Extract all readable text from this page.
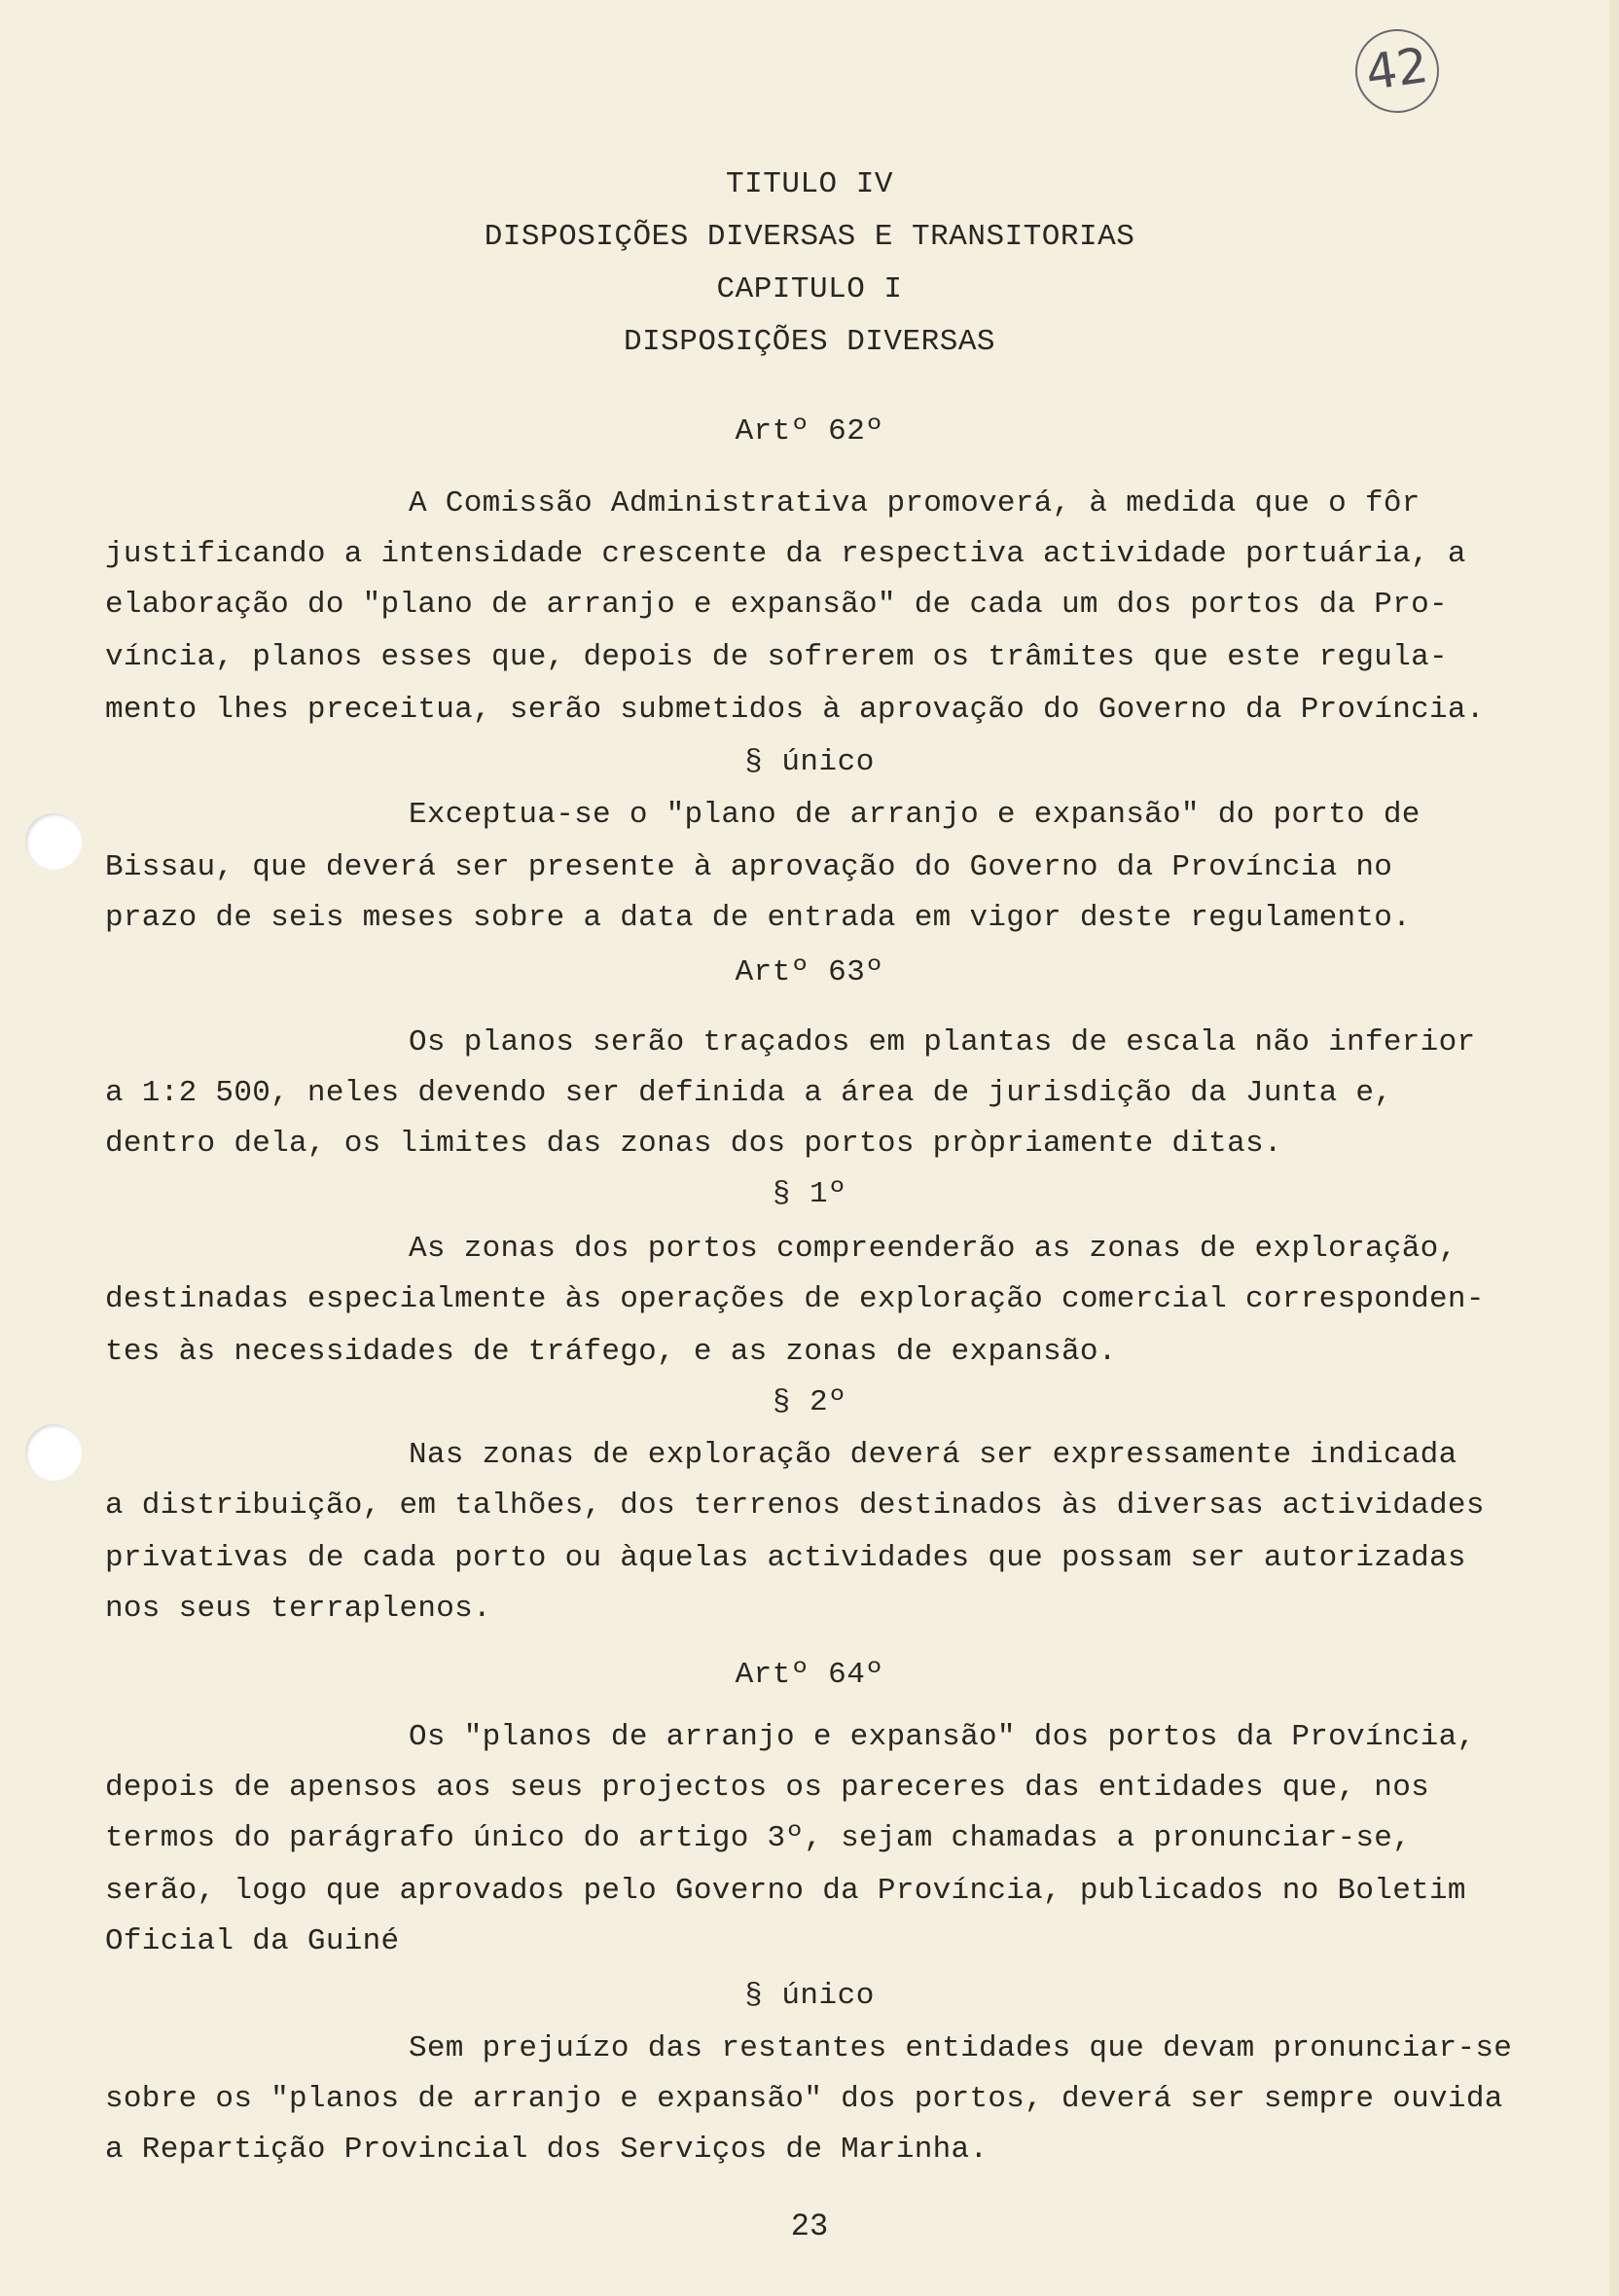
42
TITULO IV
DISPOSIÇÕES DIVERSAS E TRANSITORIAS
CAPITULO I
DISPOSIÇÕES DIVERSAS
Artº 62º
A Comissão Administrativa promoverá, à medida que o fôr
justificando a intensidade crescente da respectiva actividade portuária, a
elaboração do "plano de arranjo e expansão" de cada um dos portos da Pro-
víncia, planos esses que, depois de sofrerem os trâmites que este regula-
mento lhes preceitua, serão submetidos à aprovação do Governo da Província.
§ único
Exceptua-se o "plano de arranjo e expansão" do porto de
Bissau, que deverá ser presente à aprovação do Governo da Província no
prazo de seis meses sobre a data de entrada em vigor deste regulamento.
Artº 63º
Os planos serão traçados em plantas de escala não inferior
a 1:2 500, neles devendo ser definida a área de jurisdição da Junta e,
dentro dela, os limites das zonas dos portos pròpriamente ditas.
§ 1º
As zonas dos portos compreenderão as zonas de exploração,
destinadas especialmente às operações de exploração comercial corresponden-
tes às necessidades de tráfego, e as zonas de expansão.
§ 2º
Nas zonas de exploração deverá ser expressamente indicada
a distribuição, em talhões, dos terrenos destinados às diversas actividades
privativas de cada porto ou àquelas actividades que possam ser autorizadas
nos seus terraplenos.
Artº 64º
Os "planos de arranjo e expansão" dos portos da Província,
depois de apensos aos seus projectos os pareceres das entidades que, nos
termos do parágrafo único do artigo 3º, sejam chamadas a pronunciar-se,
serão, logo que aprovados pelo Governo da Província, publicados no Boletim
Oficial da Guiné
§ único
Sem prejuízo das restantes entidades que devam pronunciar-se
sobre os "planos de arranjo e expansão" dos portos, deverá ser sempre ouvida
a Repartição Provincial dos Serviços de Marinha.
23
